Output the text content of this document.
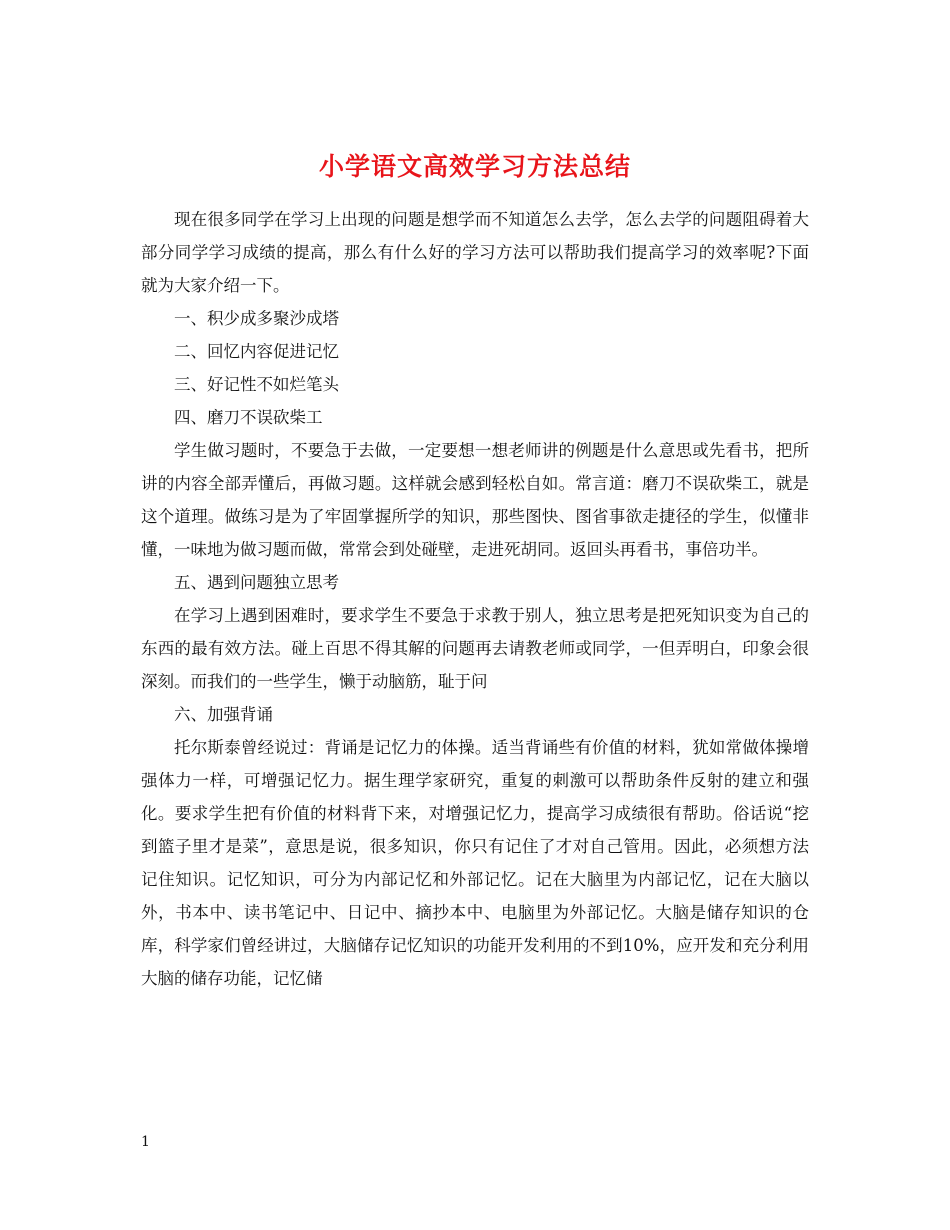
小学语文高效学习方法总结

现在很多同学在学习上出现的问题是想学而不知道怎么去学，怎么去学的问题阻碍着大部分同学学习成绩的提高，那么有什么好的学习方法可以帮助我们提高学习的效率呢?下面就为大家介绍一下。

一、积少成多聚沙成塔

二、回忆内容促进记忆

三、好记性不如烂笔头

四、磨刀不误砍柴工

学生做习题时，不要急于去做，一定要想一想老师讲的例题是什么意思或先看书，把所讲的内容全部弄懂后，再做习题。这样就会感到轻松自如。常言道：磨刀不误砍柴工，就是这个道理。做练习是为了牢固掌握所学的知识，那些图快、图省事欲走捷径的学生，似懂非懂，一味地为做习题而做，常常会到处碰壁，走进死胡同。返回头再看书，事倍功半。

五、遇到问题独立思考

在学习上遇到困难时，要求学生不要急于求教于别人，独立思考是把死知识变为自己的东西的最有效方法。碰上百思不得其解的问题再去请教老师或同学，一但弄明白，印象会很深刻。而我们的一些学生，懒于动脑筋，耻于问

六、加强背诵

托尔斯泰曾经说过：背诵是记忆力的体操。适当背诵些有价值的材料，犹如常做体操增强体力一样，可增强记忆力。据生理学家研究，重复的刺激可以帮助条件反射的建立和强化。要求学生把有价值的材料背下来，对增强记忆力，提高学习成绩很有帮助。俗话说“挖到篮子里才是菜”，意思是说，很多知识，你只有记住了才对自己管用。因此，必须想方法记住知识。记忆知识，可分为内部记忆和外部记忆。记在大脑里为内部记忆，记在大脑以外，书本中、读书笔记中、日记中、摘抄本中、电脑里为外部记忆。大脑是储存知识的仓库，科学家们曾经讲过，大脑储存记忆知识的功能开发利用的不到10%，应开发和充分利用大脑的储存功能，记忆储

1
